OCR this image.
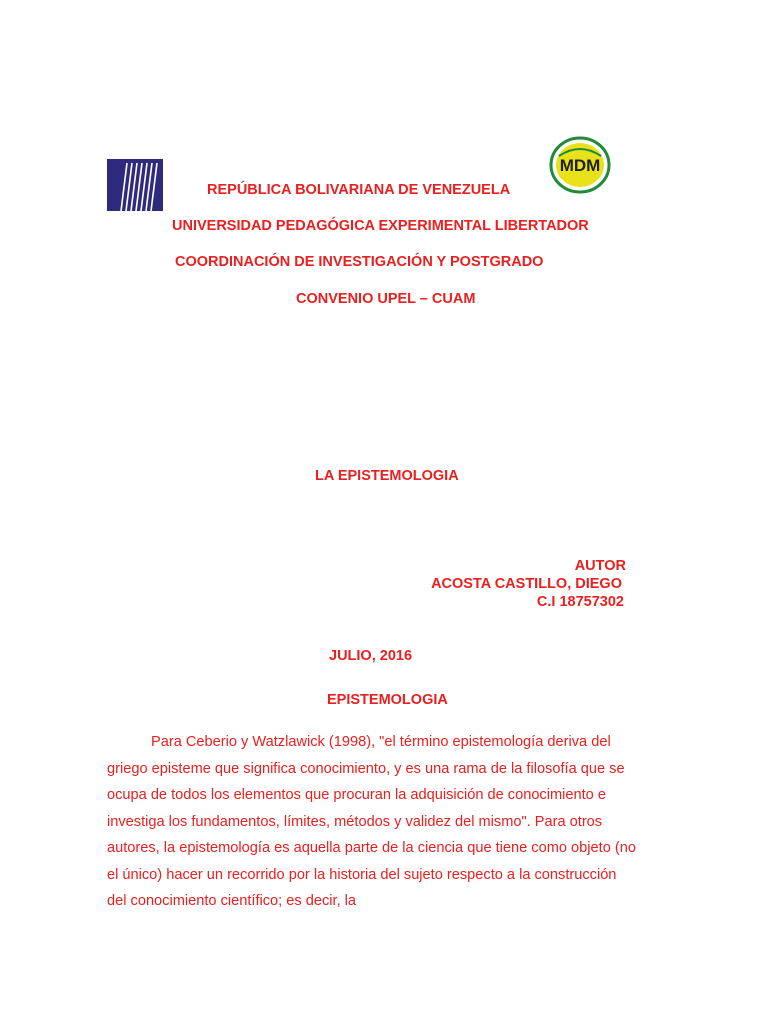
MDM
REPÚBLICA BOLIVARIANA DE VENEZUELA
UNIVERSIDAD PEDAGÓGICA EXPERIMENTAL LIBERTADOR
COORDINACIÓN DE INVESTIGACIÓN Y POSTGRADO
CONVENIO UPEL – CUAM
LA EPISTEMOLOGIA
AUTOR
ACOSTA CASTILLO, DIEGO
C.I 18757302
JULIO, 2016
EPISTEMOLOGIA

Para Ceberio y Watzlawick (1998), "el término epistemología deriva del griego episteme que significa conocimiento, y es una rama de la filosofía que se ocupa de todos los elementos que procuran la adquisición de conocimiento e investiga los fundamentos, límites, métodos y validez del mismo". Para otros autores, la epistemología es aquella parte de la ciencia que tiene como objeto (no el único) hacer un recorrido por la historia del sujeto respecto a la construcción del conocimiento científico; es decir, la
